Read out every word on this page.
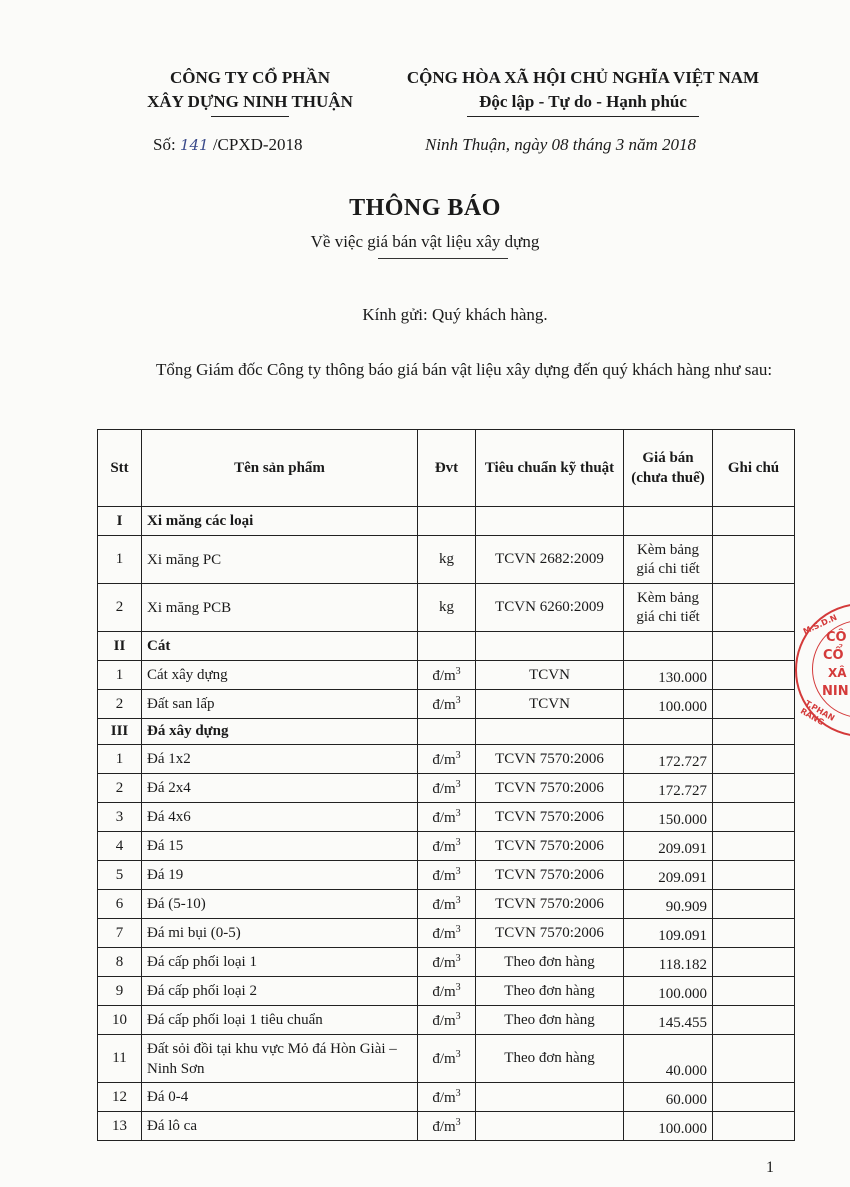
CÔNG TY CỔ PHẦN
XÂY DỰNG NINH THUẬN
CỘNG HÒA XÃ HỘI CHỦ NGHĨA VIỆT NAM
Độc lập - Tự do - Hạnh phúc
Số: 141 /CPXD-2018	Ninh Thuận, ngày 08 tháng 3 năm 2018
THÔNG BÁO
Về việc giá bán vật liệu xây dựng
Kính gửi: Quý khách hàng.
Tổng Giám đốc Công ty thông báo giá bán vật liệu xây dựng đến quý khách hàng như sau:
Stt	Tên sản phẩm	Đvt	Tiêu chuẩn kỹ thuật	Giá bán (chưa thuế)	Ghi chú
I	Xi măng các loại				
1	Xi măng PC	kg	TCVN 2682:2009	Kèm bảng giá chi tiết	
2	Xi măng PCB	kg	TCVN 6260:2009	Kèm bảng giá chi tiết	
II	Cát				
1	Cát xây dựng	$đ/m^3$	TCVN	130.000	
2	Đất san lấp	$đ/m^3$	TCVN	100.000	
III	Đá xây dựng				
1	Đá 1x2	$đ/m^3$	TCVN 7570:2006	172.727	
2	Đá 2x4	$đ/m^3$	TCVN 7570:2006	172.727	
3	Đá 4x6	$đ/m^3$	TCVN 7570:2006	150.000	
4	Đá 15	$đ/m^3$	TCVN 7570:2006	209.091	
5	Đá 19	$đ/m^3$	TCVN 7570:2006	209.091	
6	Đá (5-10)	$đ/m^3$	TCVN 7570:2006	90.909	
7	Đá mi bụi (0-5)	$đ/m^3$	TCVN 7570:2006	109.091	
8	Đá cấp phối loại 1	$đ/m^3$	Theo đơn hàng	118.182	
9	Đá cấp phối loại 2	$đ/m^3$	Theo đơn hàng	100.000	
10	Đá cấp phối loại 1 tiêu chuẩn	$đ/m^3$	Theo đơn hàng	145.455	
11	Đất sỏi đồi tại khu vực Mỏ đá Hòn Giài – Ninh Sơn	$đ/m^3$	Theo đơn hàng	40.000	
12	Đá 0-4	$đ/m^3$		60.000	
13	Đá lô ca	$đ/m^3$		100.000	
M.S.D.N
CÔ
CỔ
XÂ
NIN
T.PHAN RANG
1
